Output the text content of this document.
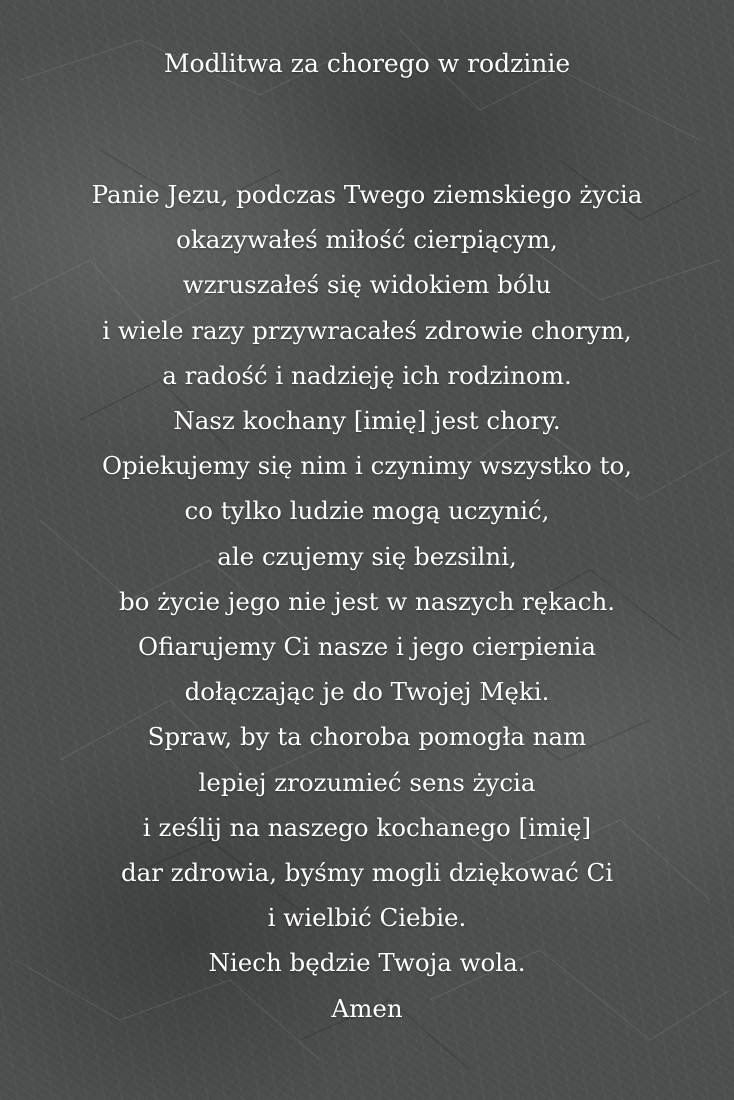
Modlitwa za chorego w rodzinie
Panie Jezu, podczas Twego ziemskiego życia
okazywałeś miłość cierpiącym,
wzruszałeś się widokiem bólu
i wiele razy przywracałeś zdrowie chorym,
a radość i nadzieję ich rodzinom.
Nasz kochany [imię] jest chory.
Opiekujemy się nim i czynimy wszystko to,
co tylko ludzie mogą uczynić,
ale czujemy się bezsilni,
bo życie jego nie jest w naszych rękach.
Ofiarujemy Ci nasze i jego cierpienia
dołączając je do Twojej Męki.
Spraw, by ta choroba pomogła nam
lepiej zrozumieć sens życia
i ześlij na naszego kochanego [imię]
dar zdrowia, byśmy mogli dziękować Ci
i wielbić Ciebie.
Niech będzie Twoja wola.
Amen
